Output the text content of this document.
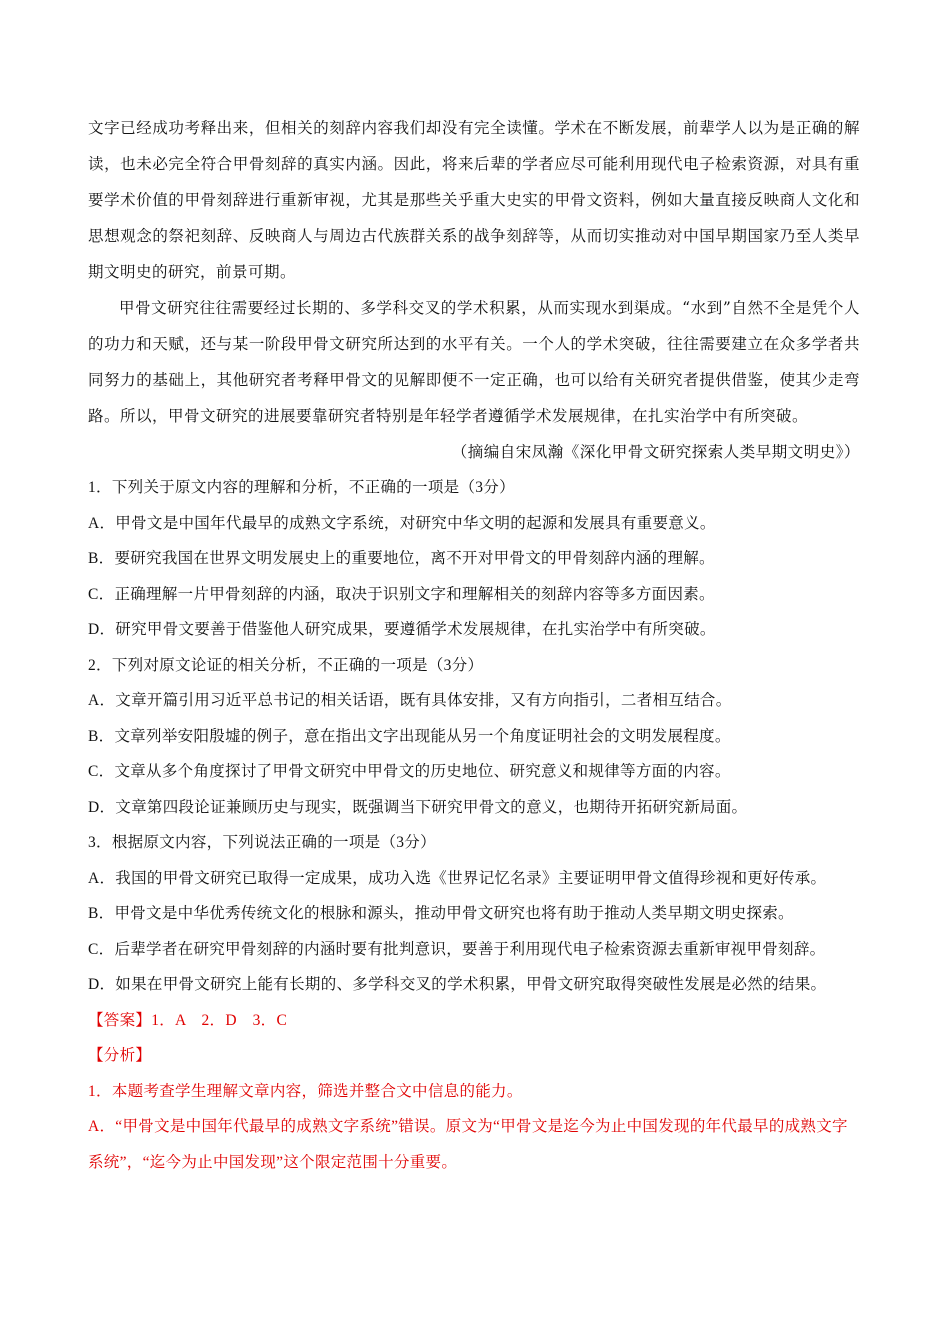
文字已经成功考释出来，但相关的刻辞内容我们却没有完全读懂。学术在不断发展，前辈学人以为是正确的解读，也未必完全符合甲骨刻辞的真实内涵。因此，将来后辈的学者应尽可能利用现代电子检索资源，对具有重要学术价值的甲骨刻辞进行重新审视，尤其是那些关乎重大史实的甲骨文资料，例如大量直接反映商人文化和思想观念的祭祀刻辞、反映商人与周边古代族群关系的战争刻辞等，从而切实推动对中国早期国家乃至人类早期文明史的研究，前景可期。

甲骨文研究往往需要经过长期的、多学科交叉的学术积累，从而实现水到渠成。“水到”自然不全是凭个人的功力和天赋，还与某一阶段甲骨文研究所达到的水平有关。一个人的学术突破，往往需要建立在众多学者共同努力的基础上，其他研究者考释甲骨文的见解即便不一定正确，也可以给有关研究者提供借鉴，使其少走弯路。所以，甲骨文研究的进展要靠研究者特别是年轻学者遵循学术发展规律，在扎实治学中有所突破。

（摘编自宋凤瀚《深化甲骨文研究探索人类早期文明史》）

1．下列关于原文内容的理解和分析，不正确的一项是（3分）

A．甲骨文是中国年代最早的成熟文字系统，对研究中华文明的起源和发展具有重要意义。

B．要研究我国在世界文明发展史上的重要地位，离不开对甲骨文的甲骨刻辞内涵的理解。

C．正确理解一片甲骨刻辞的内涵，取决于识别文字和理解相关的刻辞内容等多方面因素。

D．研究甲骨文要善于借鉴他人研究成果，要遵循学术发展规律，在扎实治学中有所突破。

2．下列对原文论证的相关分析，不正确的一项是（3分）

A．文章开篇引用习近平总书记的相关话语，既有具体安排，又有方向指引，二者相互结合。

B．文章列举安阳殷墟的例子，意在指出文字出现能从另一个角度证明社会的文明发展程度。

C．文章从多个角度探讨了甲骨文研究中甲骨文的历史地位、研究意义和规律等方面的内容。

D．文章第四段论证兼顾历史与现实，既强调当下研究甲骨文的意义，也期待开拓研究新局面。

3．根据原文内容，下列说法正确的一项是（3分）

A．我国的甲骨文研究已取得一定成果，成功入选《世界记忆名录》主要证明甲骨文值得珍视和更好传承。

B．甲骨文是中华优秀传统文化的根脉和源头，推动甲骨文研究也将有助于推动人类早期文明史探索。

C．后辈学者在研究甲骨刻辞的内涵时要有批判意识，要善于利用现代电子检索资源去重新审视甲骨刻辞。

D．如果在甲骨文研究上能有长期的、多学科交叉的学术积累，甲骨文研究取得突破性发展是必然的结果。

【答案】1．A　2．D　3．C

【分析】

1．本题考查学生理解文章内容，筛选并整合文中信息的能力。

A．“甲骨文是中国年代最早的成熟文字系统”错误。原文为“甲骨文是迄今为止中国发现的年代最早的成熟文字系统”，“迄今为止中国发现”这个限定范围十分重要。
